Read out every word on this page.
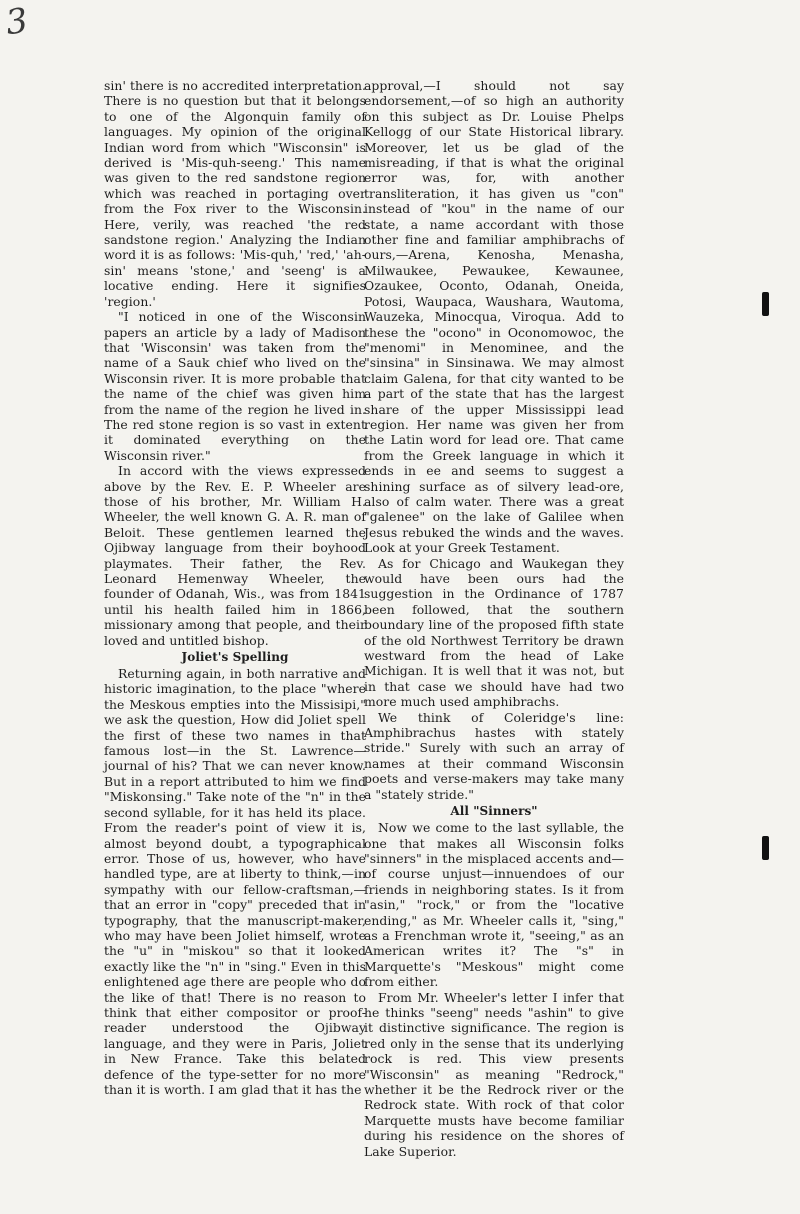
3

sin' there is no accredited interpretation. There is no question but that it belongs to one of the Algonquin family of languages. My opinion of the original Indian word from which "Wisconsin" is derived is 'Mis-quh-seeng.' This name was given to the red sandstone region which was reached in portaging over from the Fox river to the Wisconsin. Here, verily, was reached 'the red sandstone region.' Analyzing the Indian word it is as follows: 'Mis-quh,' 'red,' 'ah-sin' means 'stone,' and 'seeng' is a locative ending. Here it signifies 'region.'

"I noticed in one of the Wisconsin papers an article by a lady of Madison that 'Wisconsin' was taken from the name of a Sauk chief who lived on the Wisconsin river. It is more probable that the name of the chief was given him from the name of the region he lived in. The red stone region is so vast in extent it dominated everything on the Wisconsin river."

In accord with the views expressed above by the Rev. E. P. Wheeler are those of his brother, Mr. William H. Wheeler, the well known G. A. R. man of Beloit. These gentlemen learned the Ojibway language from their boyhood playmates. Their father, the Rev. Leonard Hemenway Wheeler, the founder of Odanah, Wis., was from 1841 until his health failed him in 1866, missionary among that people, and their loved and untitled bishop.

Joliet's Spelling

Returning again, in both narrative and historic imagination, to the place "where the Meskous empties into the Missisipi," we ask the question, How did Joliet spell the first of these two names in that famous lost—in the St. Lawrence—journal of his? That we can never know. But in a report attributed to him we find "Miskonsing." Take note of the "n" in the second syllable, for it has held its place. From the reader's point of view it is, almost beyond doubt, a typographical error. Those of us, however, who have handled type, are at liberty to think,—in sympathy with our fellow-craftsman,—that an error in "copy" preceded that in typography, that the manuscript-maker, who may have been Joliet himself, wrote the "u" in "miskou" so that it looked exactly like the "n" in "sing." Even in this enlightened age there are people who do the like of that! There is no reason to think that either compositor or proof-reader understood the Ojibway language, and they were in Paris, Joliet in New France. Take this belated defence of the type-setter for no more than it is worth. I am glad that it has the

approval,—I should not say endorsement,—of so high an authority on this subject as Dr. Louise Phelps Kellogg of our State Historical library. Moreover, let us be glad of the misreading, if that is what the original error was, for, with another transliteration, it has given us "con" instead of "kou" in the name of our state, a name accordant with those other fine and familiar amphibrachs of ours,—Arena, Kenosha, Menasha, Milwaukee, Pewaukee, Kewaunee, Ozaukee, Oconto, Odanah, Oneida, Potosi, Waupaca, Waushara, Wautoma, Wauzeka, Minocqua, Viroqua. Add to these the "ocono" in Oconomowoc, the "menomi" in Menominee, and the "sinsina" in Sinsinawa. We may almost claim Galena, for that city wanted to be a part of the state that has the largest share of the upper Mississippi lead region. Her name was given her from the Latin word for lead ore. That came from the Greek language in which it ends in ee and seems to suggest a shining surface as of silvery lead-ore, also of calm water. There was a great "galenee" on the lake of Galilee when Jesus rebuked the winds and the waves. Look at your Greek Testament.

As for Chicago and Waukegan they would have been ours had the suggestion in the Ordinance of 1787 been followed, that the southern boundary line of the proposed fifth state of the old Northwest Territory be drawn westward from the head of Lake Michigan. It is well that it was not, but in that case we should have had two more much used amphibrachs.

We think of Coleridge's line: Amphibrachus hastes with stately stride." Surely with such an array of names at their command Wisconsin poets and verse-makers may take many a "stately stride."

All "Sinners"

Now we come to the last syllable, the one that makes all Wisconsin folks "sinners" in the misplaced accents and—of course unjust—innuendoes of our friends in neighboring states. Is it from "asin," "rock," or from the "locative ending," as Mr. Wheeler calls it, "sing," as a Frenchman wrote it, "seeing," as an American writes it? The "s" in Marquette's "Meskous" might come from either.

From Mr. Wheeler's letter I infer that he thinks "seeng" needs "ashin" to give it distinctive significance. The region is red only in the sense that its underlying rock is red. This view presents "Wisconsin" as meaning "Redrock," whether it be the Redrock river or the Redrock state. With rock of that color Marquette musts have become familiar during his residence on the shores of Lake Superior.
